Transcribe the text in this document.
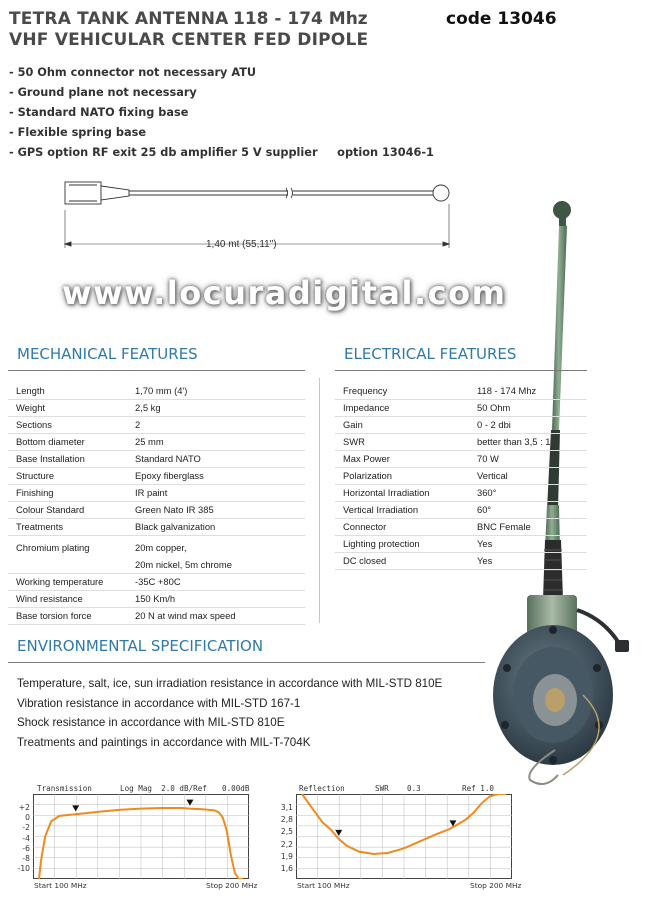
TETRA TANK ANTENNA 118 - 174 Mhz	code 13046
VHF VEHICULAR CENTER FED DIPOLE
- 50 Ohm connector not necessary ATU
- Ground plane not necessary
- Standard NATO fixing base
- Flexible spring base
- GPS option RF exit 25 db amplifier 5 V supplier     option 13046-1
1,40 mt (55,11")
www.locuradigital.com
MECHANICAL FEATURES
Length	1,70 mm (4')
Weight	2,5 kg
Sections	2
Bottom diameter	25 mm
Base Installation	Standard NATO
Structure	Epoxy fiberglass
Finishing	IR paint
Colour Standard	Green Nato IR 385
Treatments	Black galvanization
Chromium plating	20m copper,
20m nickel, 5m chrome

Working temperature	-35C +80C
Wind resistance	150 Km/h
Base torsion force	20 N at wind max speed
ELECTRICAL FEATURES
Frequency	118 - 174 Mhz
Impedance	50 Ohm
Gain	0 - 2 dbi
SWR	better than 3,5 : 1
Max Power	70 W
Polarization	Vertical
Horizontal Irradiation	360°
Vertical Irradiation	60°
Connector	BNC Female
Lighting protection	Yes
DC closed	Yes
ENVIRONMENTAL SPECIFICATION
Temperature, salt, ice, sun irradiation resistance in accordance with MIL-STD 810E
Vibration resistance in accordance with MIL-STD 167-1
Shock resistance in accordance with MIL-STD 810E
Treatments and paintings in accordance with MIL-T-704K
Transmission	Log Mag  2.0 dB/Ref 0.00dB
+2
0
-2
-4
-6
-8
-10
Start 100 MHz	Stop 200 MHz
Reflection	SWR    0.3	Ref 1.0
3,1
2,8
2,5
2,2
1,9
1,6
Start 100 MHz	Stop 200 MHz
